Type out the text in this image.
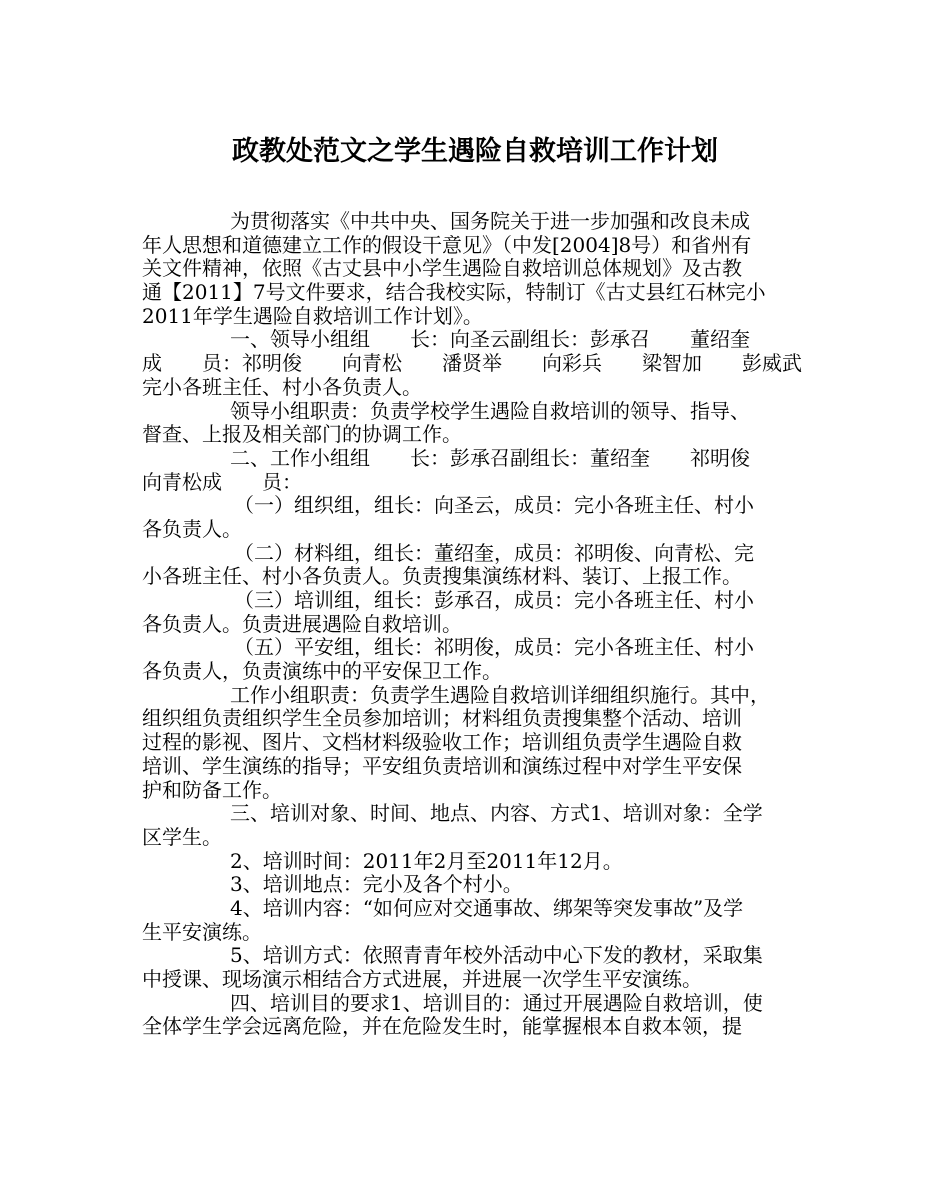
政教处范文之学生遇险自救培训工作计划
为贯彻落实《中共中央、国务院关于进一步加强和改良未成
年人思想和道德建立工作的假设干意见》（中发[2004]8号）和省州有
关文件精神，依照《古丈县中小学生遇险自救培训总体规划》及古教
通【2011】7号文件要求，结合我校实际，特制订《古丈县红石林完小
2011年学生遇险自救培训工作计划》。
一、领导小组组　　长：向圣云副组长：彭承召　　董绍奎
成　　员：祁明俊　　向青松　　潘贤举　　向彩兵　　梁智加　　彭威武
完小各班主任、村小各负责人。
领导小组职责：负责学校学生遇险自救培训的领导、指导、
督查、上报及相关部门的协调工作。
二、工作小组组　　长：彭承召副组长：董绍奎　　祁明俊
向青松成　　员：
（一）组织组，组长：向圣云，成员：完小各班主任、村小
各负责人。
（二）材料组，组长：董绍奎，成员：祁明俊、向青松、完
小各班主任、村小各负责人。负责搜集演练材料、装订、上报工作。
（三）培训组，组长：彭承召，成员：完小各班主任、村小
各负责人。负责进展遇险自救培训。
（五）平安组，组长：祁明俊，成员：完小各班主任、村小
各负责人，负责演练中的平安保卫工作。
工作小组职责：负责学生遇险自救培训详细组织施行。其中，
组织组负责组织学生全员参加培训；材料组负责搜集整个活动、培训
过程的影视、图片、文档材料级验收工作；培训组负责学生遇险自救
培训、学生演练的指导；平安组负责培训和演练过程中对学生平安保
护和防备工作。
三、培训对象、时间、地点、内容、方式1、培训对象：全学
区学生。
2、培训时间：2011年2月至2011年12月。
3、培训地点：完小及各个村小。
4、培训内容：“如何应对交通事故、绑架等突发事故”及学
生平安演练。
5、培训方式：依照青青年校外活动中心下发的教材，采取集
中授课、现场演示相结合方式进展，并进展一次学生平安演练。
四、培训目的要求1、培训目的：通过开展遇险自救培训，使
全体学生学会远离危险，并在危险发生时，能掌握根本自救本领，提
